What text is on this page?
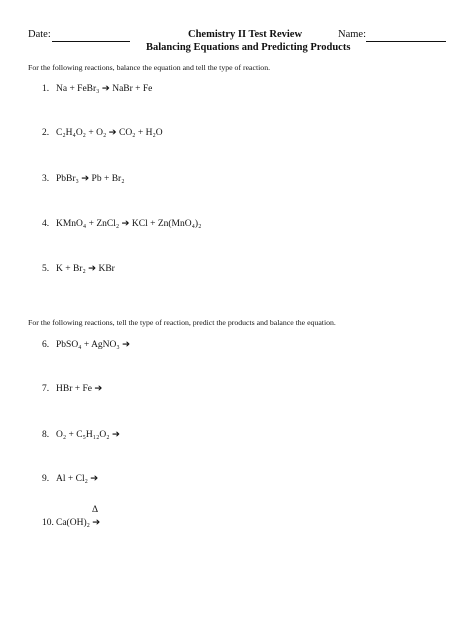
Date:	Chemistry II Test Review	Name:
Balancing Equations and Predicting Products
For the following reactions, balance the equation and tell the type of reaction.
1. Na + FeBr₃ ➔ NaBr + Fe
2. C₂H₄O₂ + O₂ ➔ CO₂ + H₂O
3. PbBr₃ ➔ Pb + Br₂
4. KMnO₄ + ZnCl₂ ➔ KCl + Zn(MnO₄)₂
5. K + Br₂ ➔ KBr
For the following reactions, tell the type of reaction, predict the products and balance the equation.
6. PbSO₄ + AgNO₃ ➔
7. HBr + Fe ➔
8. O₂ + C₅H₁₂O₂ ➔
9. Al + Cl₂ ➔
Δ
10. Ca(OH)₂ ➔
